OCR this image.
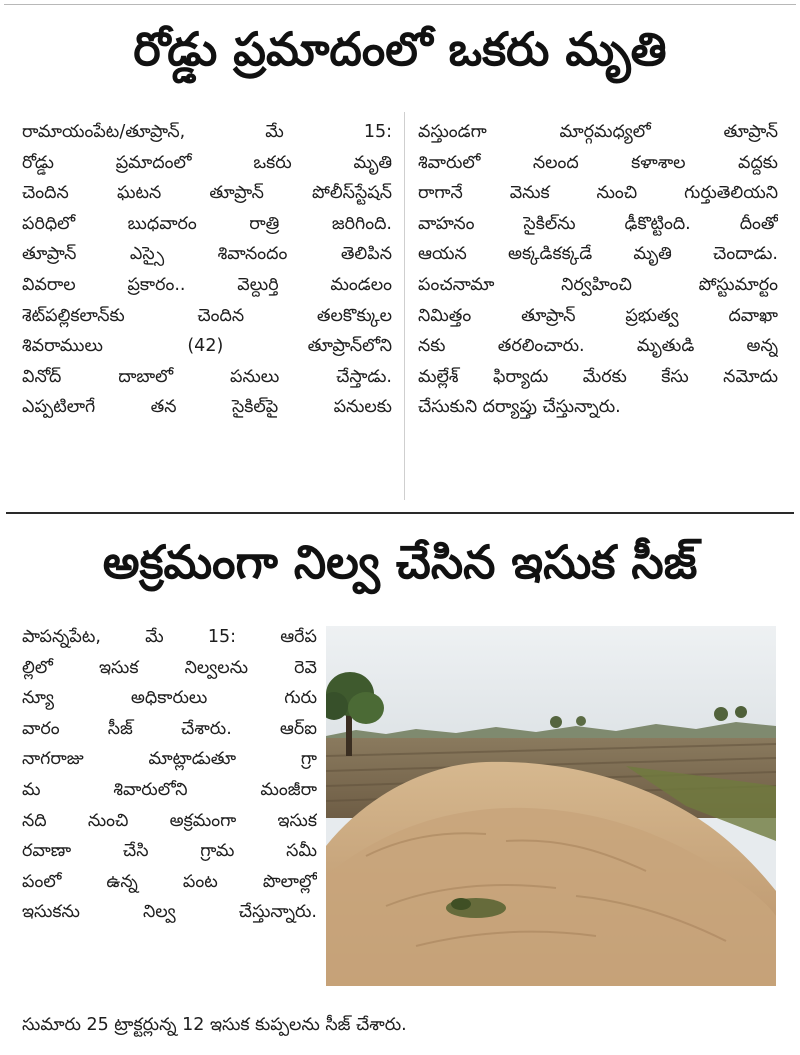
రోడ్డు ప్రమాదంలో ఒకరు మృతి
రామాయంపేట/తూప్రాన్, మే 15:
రోడ్డు ప్రమాదంలో ఒకరు మృతి
చెందిన ఘటన తూప్రాన్ పోలీస్‌స్టేషన్
పరిధిలో బుధవారం రాత్రి జరిగింది.
తూప్రాన్ ఎస్సై శివానందం తెలిపిన
వివరాల ప్రకారం.. వెల్దుర్తి మండలం
శెట్‌పల్లికలాన్‌కు చెందిన తలకొక్కుల
శివరాములు (42) తూప్రాన్‌లోని
వినోద్ దాబాలో పనులు చేస్తాడు.
ఎప్పటిలాగే తన సైకిల్‌పై పనులకు
వస్తుండగా మార్గమధ్యలో తూప్రాన్
శివారులో నలంద కళాశాల వద్దకు
రాగానే వెనుక నుంచి గుర్తుతెలియని
వాహనం సైకిల్‌ను ఢీకొట్టింది. దీంతో
ఆయన అక్కడికక్కడే మృతి చెందాడు.
పంచనామా నిర్వహించి పోస్టుమార్టం
నిమిత్తం తూప్రాన్ ప్రభుత్వ దవాఖా
నకు తరలించారు. మృతుడి అన్న
మల్లేశ్ ఫిర్యాదు మేరకు కేసు నమోదు
చేసుకుని దర్యాప్తు చేస్తున్నారు.
అక్రమంగా నిల్వ చేసిన ఇసుక సీజ్
పాపన్నపేట, మే 15: ఆరేప
ల్లిలో ఇసుక నిల్వలను రెవె
న్యూ అధికారులు గురు
వారం సీజ్ చేశారు. ఆర్ఐ
నాగరాజు మాట్లాడుతూ గ్రా
మ శివారులోని మంజీరా
నది నుంచి అక్రమంగా ఇసుక
రవాణా చేసి గ్రామ సమీ
పంలో ఉన్న పంట పొలాల్లో
ఇసుకను నిల్వ చేస్తున్నారు.
సుమారు 25 ట్రాక్టర్లున్న 12 ఇసుక కుప్పలను సీజ్ చేశారు.
